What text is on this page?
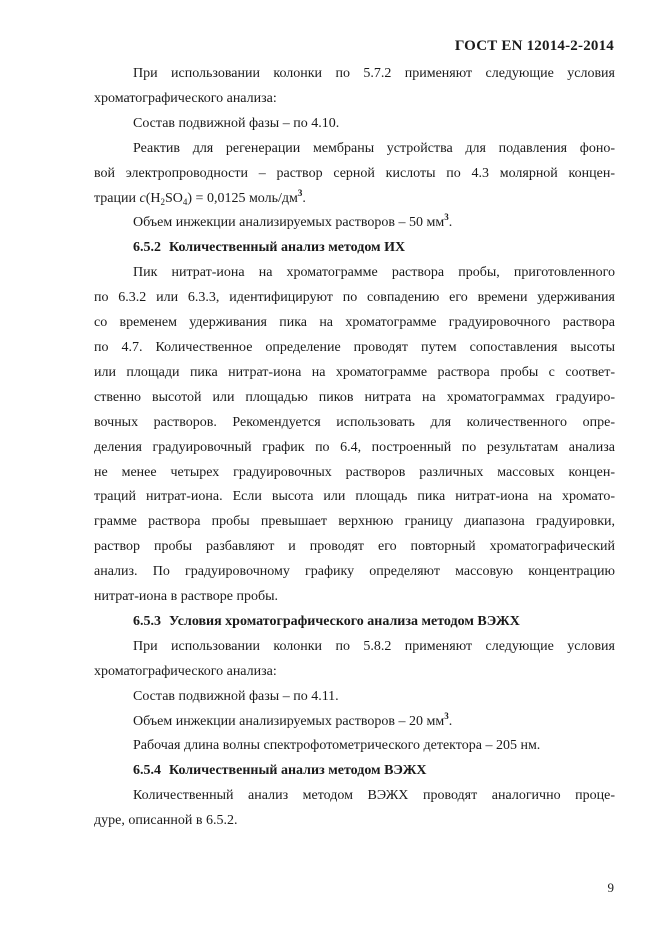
ГОСТ EN 12014-2-2014

При использовании колонки по 5.7.2 применяют следующие условия

хроматографического анализа:

Состав подвижной фазы – по 4.10.

Реактив для регенерации мембраны устройства для подавления фоно-

вой электропроводности – раствор серной кислоты по 4.3 молярной концен-

трации $c(H_2SO_4) = 0,0125$ моль/$дм^3$.

Объем инжекции анализируемых растворов – 50 $мм^3$.

6.5.2 Количественный анализ методом ИХ

Пик нитрат-иона на хроматограмме раствора пробы, приготовленного

по 6.3.2 или 6.3.3, идентифицируют по совпадению его времени удерживания

со временем удерживания пика на хроматограмме градуировочного раствора

по 4.7. Количественное определение проводят путем сопоставления высоты

или площади пика нитрат-иона на хроматограмме раствора пробы с соответ-

ственно высотой или площадью пиков нитрата на хроматограммах градуиро-

вочных растворов. Рекомендуется использовать для количественного опре-

деления градуировочный график по 6.4, построенный по результатам анализа

не менее четырех градуировочных растворов различных массовых концен-

траций нитрат-иона. Если высота или площадь пика нитрат-иона на хромато-

грамме раствора пробы превышает верхнюю границу диапазона градуировки,

раствор пробы разбавляют и проводят его повторный хроматографический

анализ. По градуировочному графику определяют массовую концентрацию

нитрат-иона в растворе пробы.

6.5.3 Условия хроматографического анализа методом ВЭЖХ

При использовании колонки по 5.8.2 применяют следующие условия

хроматографического анализа:

Состав подвижной фазы – по 4.11.

Объем инжекции анализируемых растворов – 20 $мм^3$.

Рабочая длина волны спектрофотометрического детектора – 205 нм.

6.5.4 Количественный анализ методом ВЭЖХ

Количественный анализ методом ВЭЖХ проводят аналогично проце-

дуре, описанной в 6.5.2.

9
